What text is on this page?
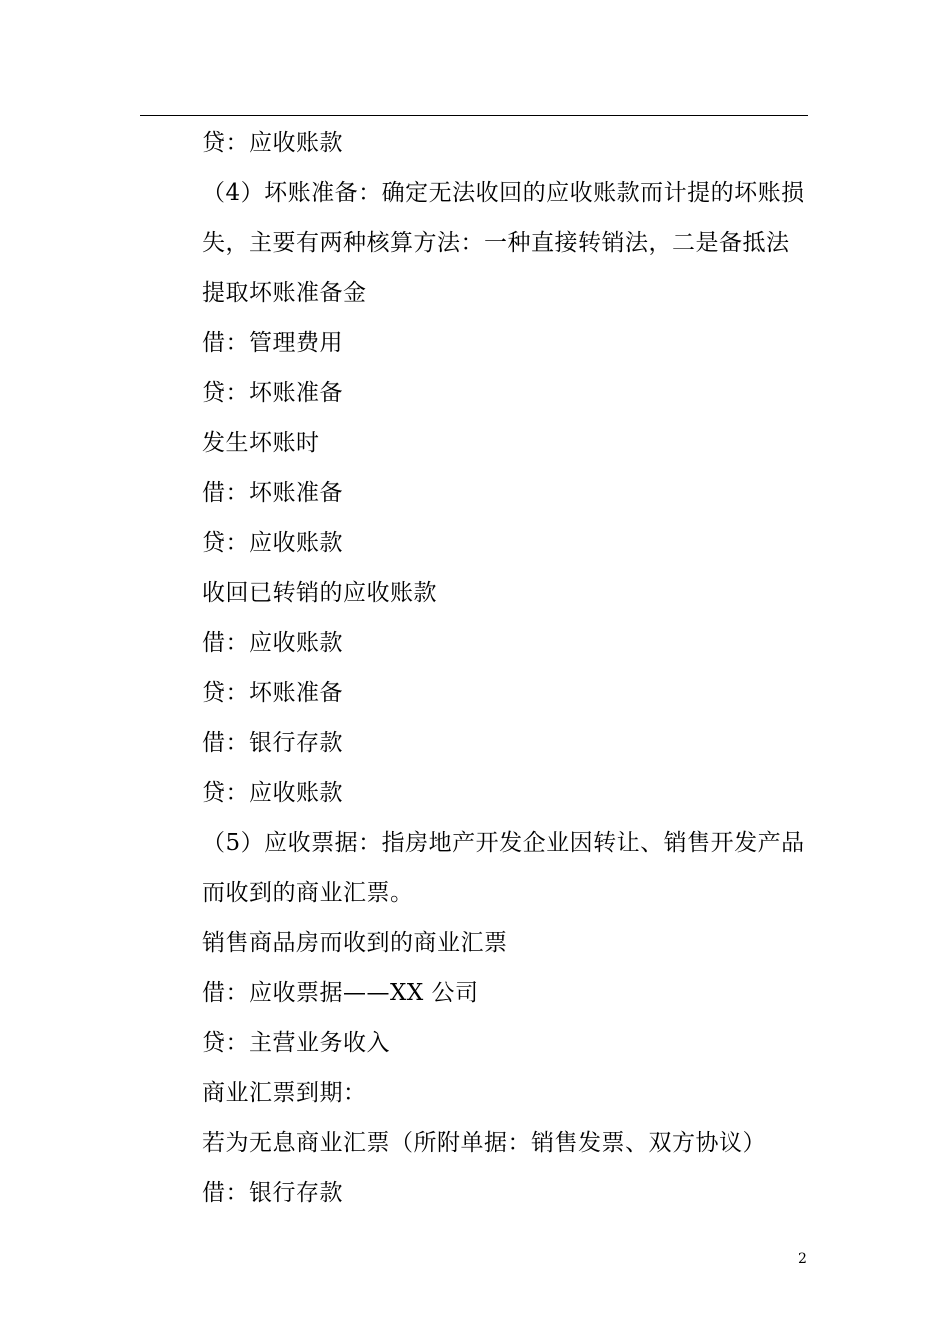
贷：应收账款
（4）坏账准备：确定无法收回的应收账款而计提的坏账损
失，主要有两种核算方法：一种直接转销法，二是备抵法
提取坏账准备金
借：管理费用
贷：坏账准备
发生坏账时
借：坏账准备
贷：应收账款
收回已转销的应收账款
借：应收账款
贷：坏账准备
借：银行存款
贷：应收账款
（5）应收票据：指房地产开发企业因转让、销售开发产品
而收到的商业汇票。
销售商品房而收到的商业汇票
借：应收票据——XX 公司
贷：主营业务收入
商业汇票到期：
若为无息商业汇票（所附单据：销售发票、双方协议）
借：银行存款
2
